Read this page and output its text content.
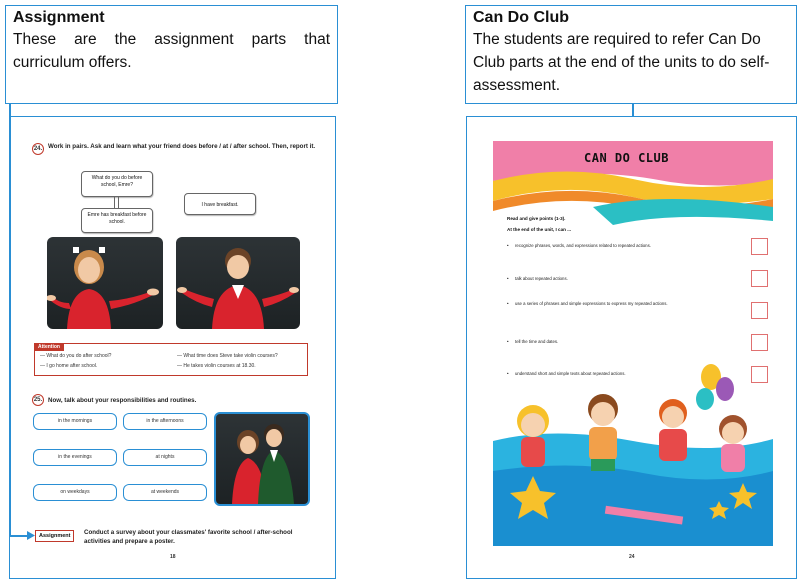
Assignment
These are the assignment parts that curriculum offers.
Can Do Club
The students are required to refer Can Do Club parts at the end of the units to do self-assessment.
24. Work in pairs. Ask and learn what your friend does before / at / after school. Then, report it.
What do you do before school, Emre?
Emre has breakfast before school.
I have breakfast.
Attention
— What do you do after school?
— I go home after school.
— What time does Steve take violin courses?
— He takes violin courses at 18.30.
25. Now, talk about your responsibilities and routines.
in the mornings	in the afternoons
in the evenings	at nights
on weekdays	at weekends
Assignment	Conduct a survey about your classmates' favorite school / after-school activities and prepare a poster.
18
CAN DO CLUB
Read and give points (1-3).
At the end of the unit, I can ...
• recognize phrases, words, and expressions related to repeated actions.
• talk about repeated actions.
• use a series of phrases and simple expressions to express my repeated actions.
• tell the time and dates.
• understand short and simple texts about repeated actions.
24
